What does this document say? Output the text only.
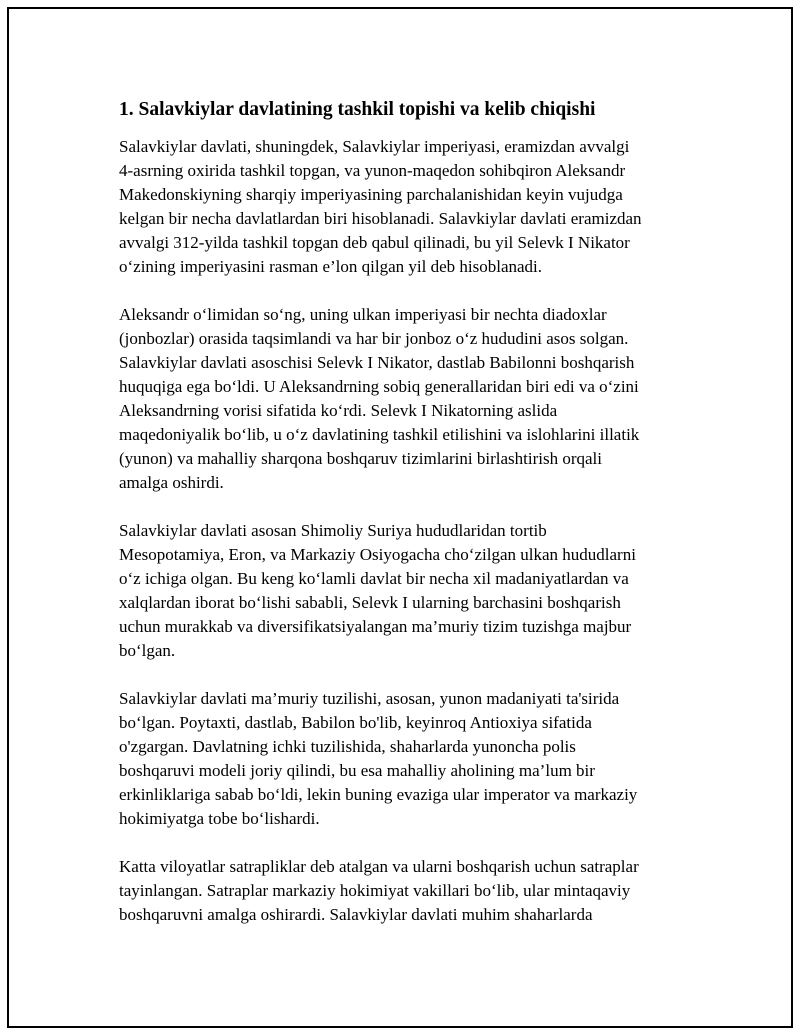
1. Salavkiylar davlatining tashkil topishi va kelib chiqishi
Salavkiylar davlati, shuningdek, Salavkiylar imperiyasi, eramizdan avvalgi
4-asrning oxirida tashkil topgan, va yunon-maqedon sohibqiron Aleksandr
Makedonskiyning sharqiy imperiyasining parchalanishidan keyin vujudga
kelgan bir necha davlatlardan biri hisoblanadi. Salavkiylar davlati eramizdan
avvalgi 312-yilda tashkil topgan deb qabul qilinadi, bu yil Selevk I Nikator
o‘zining imperiyasini rasman e’lon qilgan yil deb hisoblanadi.
Aleksandr o‘limidan so‘ng, uning ulkan imperiyasi bir nechta diadoxlar
(jonbozlar) orasida taqsimlandi va har bir jonboz o‘z hududini asos solgan.
Salavkiylar davlati asoschisi Selevk I Nikator, dastlab Babilonni boshqarish
huquqiga ega bo‘ldi. U Aleksandrning sobiq generallaridan biri edi va o‘zini
Aleksandrning vorisi sifatida ko‘rdi. Selevk I Nikatorning aslida
maqedoniyalik bo‘lib, u o‘z davlatining tashkil etilishini va islohlarini illatik
(yunon) va mahalliy sharqona boshqaruv tizimlarini birlashtirish orqali
amalga oshirdi.
Salavkiylar davlati asosan Shimoliy Suriya hududlaridan tortib
Mesopotamiya, Eron, va Markaziy Osiyogacha cho‘zilgan ulkan hududlarni
o‘z ichiga olgan. Bu keng ko‘lamli davlat bir necha xil madaniyatlardan va
xalqlardan iborat bo‘lishi sababli, Selevk I ularning barchasini boshqarish
uchun murakkab va diversifikatsiyalangan ma’muriy tizim tuzishga majbur
bo‘lgan.
Salavkiylar davlati ma’muriy tuzilishi, asosan, yunon madaniyati ta'sirida
bo‘lgan. Poytaxti, dastlab, Babilon bo'lib, keyinroq Antioxiya sifatida
o'zgargan. Davlatning ichki tuzilishida, shaharlarda yunoncha polis
boshqaruvi modeli joriy qilindi, bu esa mahalliy aholining ma’lum bir
erkinliklariga sabab bo‘ldi, lekin buning evaziga ular imperator va markaziy
hokimiyatga tobe bo‘lishardi.
Katta viloyatlar satrapliklar deb atalgan va ularni boshqarish uchun satraplar
tayinlangan. Satraplar markaziy hokimiyat vakillari bo‘lib, ular mintaqaviy
boshqaruvni amalga oshirardi. Salavkiylar davlati muhim shaharlarda
